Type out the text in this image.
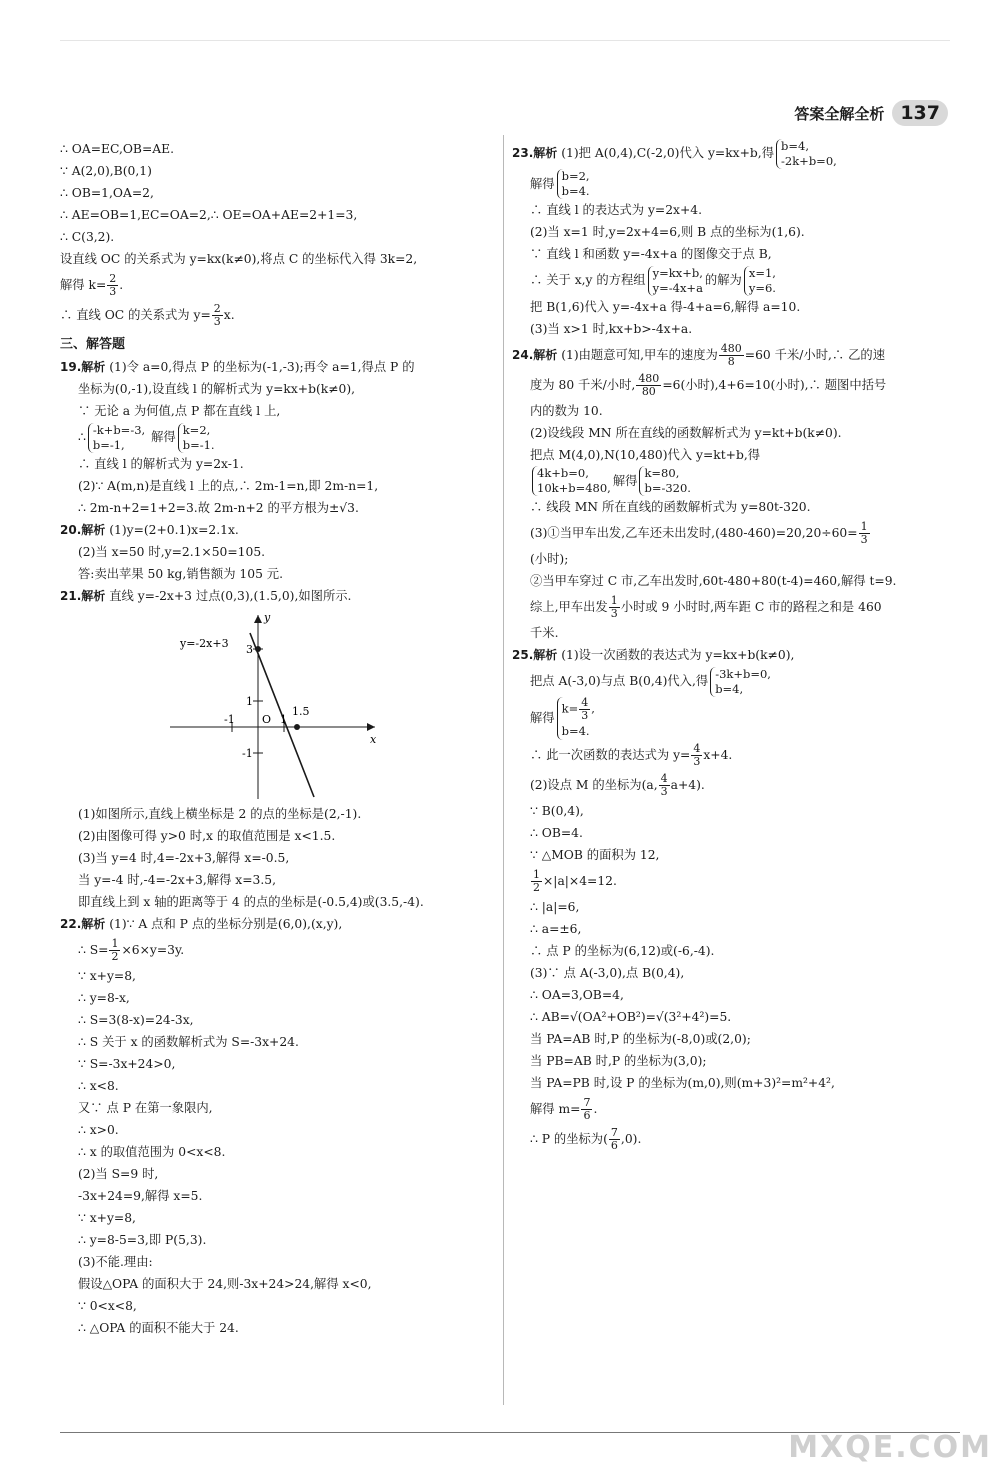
答案全解全析 137
∴ OA=EC,OB=AE.
∵ A(2,0),B(0,1)
∴ OB=1,OA=2,
∴ AE=OB=1,EC=OA=2,∴ OE=OA+AE=2+1=3,
∴ C(3,2).
设直线 OC 的关系式为 y=kx(k≠0),将点 C 的坐标代入得 3k=2,
解得 $k= \frac{2}{3}$ .
∴ 直线 OC 的关系式为 $y= \frac{2}{3} x$.
三、解答题
19.解析 (1)令 a=0,得点 P 的坐标为(-1,-3);再令 a=1,得点 P 的
坐标为(0,-1),设直线 l 的解析式为 y=kx+b(k≠0),
∵ 无论 a 为何值,点 P 都在直线 l 上,
∴-k+b=-3,
b=-1, 解得k=2,
b=-1.
∴ 直线 l 的解析式为 y=2x-1.
(2)∵ A(m,n)是直线 l 上的点,∴ 2m-1=n,即 2m-n=1,
∴ 2m-n+2=1+2=3.故 2m-n+2 的平方根为±√3.
20.解析 (1)y=(2+0.1)x=2.1x.
(2)当 x=50 时,y=2.1×50=105.
答:卖出苹果 50 kg,销售额为 105 元.
21.解析 直线 y=-2x+3 过点(0,3),(1.5,0),如图所示.
y=-2x+3
x
y
O
3
1
-1
-1	1
1.5
(1)如图所示,直线上横坐标是 2 的点的坐标是(2,-1).
(2)由图像可得 y>0 时,x 的取值范围是 x<1.5.
(3)当 y=4 时,4=-2x+3,解得 x=-0.5,
当 y=-4 时,-4=-2x+3,解得 x=3.5,
即直线上到 x 轴的距离等于 4 的点的坐标是(-0.5,4)或(3.5,-4).
22.解析 (1)∵ A 点和 P 点的坐标分别是(6,0),(x,y),
∴ $S= \frac{1}{2} \times 6\times y=3y$.
∵ x+y=8,
∴ y=8-x,
∴ S=3(8-x)=24-3x,
∴ S 关于 x 的函数解析式为 S=-3x+24.
∵ S=-3x+24>0,
∴ x<8.
又∵ 点 P 在第一象限内,
∴ x>0.
∴ x 的取值范围为 0<x<8.
(2)当 S=9 时,
-3x+24=9,解得 x=5.
∵ x+y=8,
∴ y=8-5=3,即 P(5,3).
(3)不能.理由:
假设△OPA 的面积大于 24,则-3x+24>24,解得 x<0,
∵ 0<x<8,
∴ △OPA 的面积不能大于 24.
23.解析 (1)把 A(0,4),C(-2,0)代入 y=kx+b,得b=4,
-2k+b=0,
解得b=2,
b=4.
∴ 直线 l 的表达式为 y=2x+4.
(2)当 x=1 时,y=2x+4=6,则 B 点的坐标为(1,6).
∵ 直线 l 和函数 y=-4x+a 的图像交于点 B,
∴ 关于 x,y 的方程组y=kx+b,
y=-4x+a的解为x=1,
y=6.
把 B(1,6)代入 y=-4x+a 得-4+a=6,解得 a=10.
(3)当 x>1 时,kx+b>-4x+a.
24.解析 (1)由题意可知,甲车的速度为 $\frac{480}{8} =60$ 千米/小时,∴ 乙的速
度为 80 千米/小时, $\frac{480}{80} =6$(小时),4+6=10(小时),∴ 题图中括号
内的数为 10.
(2)设线段 MN 所在直线的函数解析式为 y=kt+b(k≠0).
把点 M(4,0),N(10,480)代入 y=kt+b,得
4k+b=0,
10k+b=480,解得k=80,
b=-320.
∴ 线段 MN 所在直线的函数解析式为 y=80t-320.
(3)①当甲车出发,乙车还未出发时$,(480-460)=20,20\div 60= \frac{1}{3}$
(小时);
②当甲车穿过 C 市,乙车出发时,60t-480+80(t-4)=460,解得 t=9.
综上,甲车出发 $\frac{1}{3}$ 小时或 9 小时时,两车距 C 市的路程之和是 460
千米.
25.解析 (1)设一次函数的表达式为 y=kx+b(k≠0),
把点 A(-3,0)与点 B(0,4)代入,得-3k+b=0,
b=4,
解得$k= \frac{4}{3}$ ,
b=4.
∴ 此一次函数的表达式为 $y= \frac{4}{3} x+4$.
(2)设点 M 的坐标为(a, $\frac{4}{3} a+4$).
∵ B(0,4),
∴ OB=4.
∵ △MOB 的面积为 12,
$\frac{1}{2} \times|a|\times 4=12$.
∴ |a|=6,
∴ a=±6,
∴ 点 P 的坐标为(6,12)或(-6,-4).
(3)∵ 点 A(-3,0),点 B(0,4),
∴ OA=3,OB=4,
∴ AB=√(OA²+OB²)=√(3²+4²)=5.
当 PA=AB 时,P 的坐标为(-8,0)或(2,0);
当 PB=AB 时,P 的坐标为(3,0);
当 PA=PB 时,设 P 的坐标为(m,0),则(m+3)²=m²+4²,
解得 $m= \frac{7}{6}$ .
∴ P 的坐标为( $\frac{7}{6} ,0$).
MXQE.COM
